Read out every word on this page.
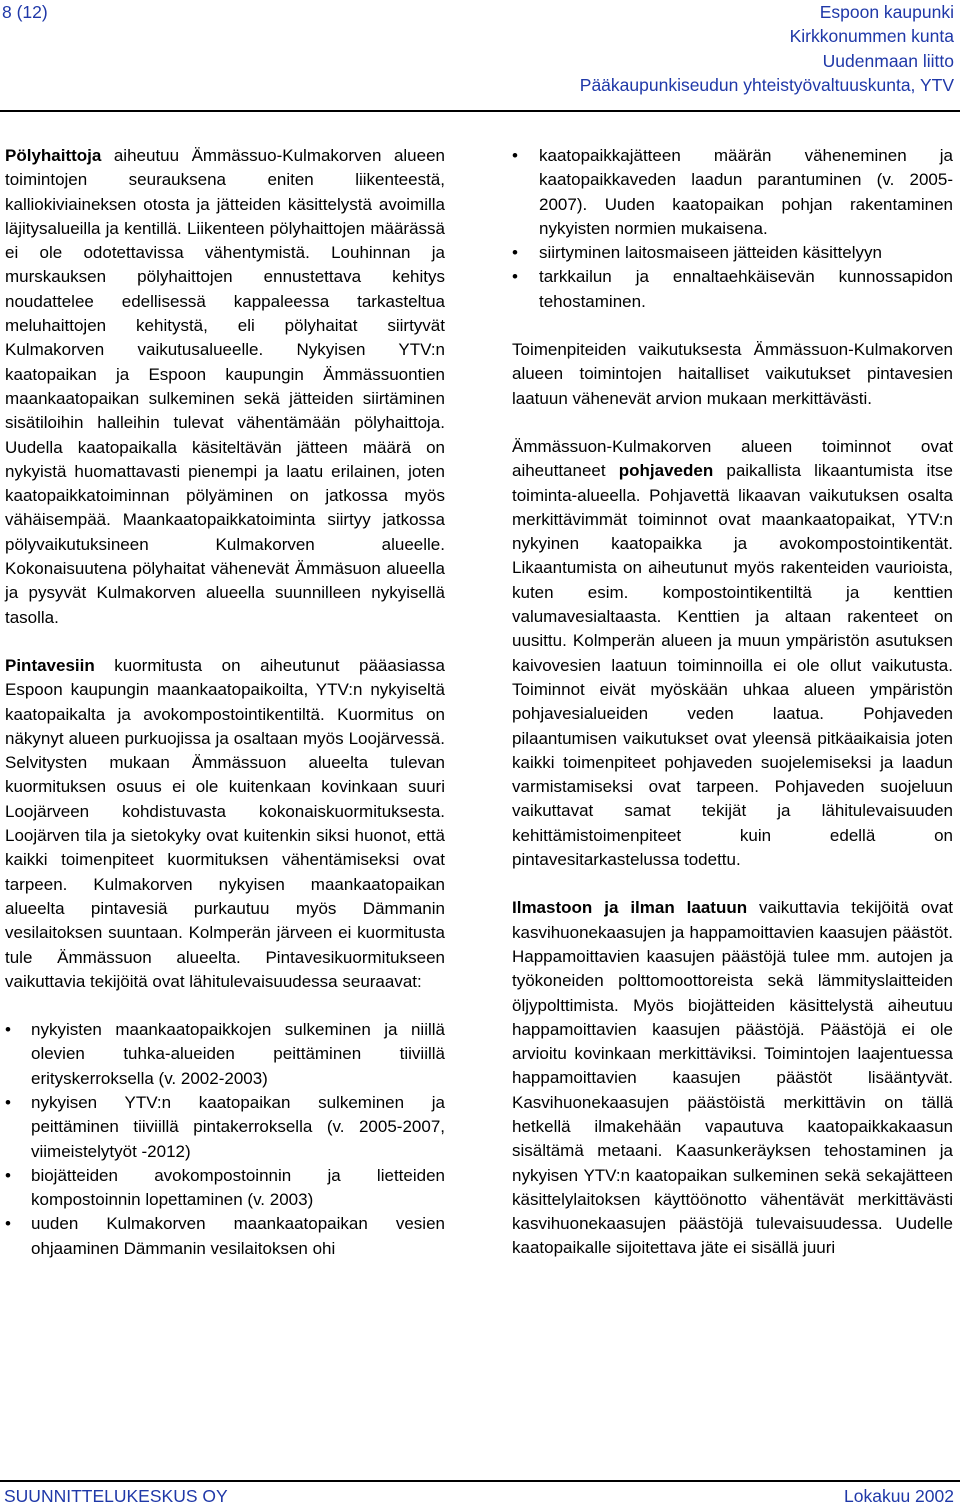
8 (12)	Espoon kaupunki
Kirkkonummen kunta
Uudenmaan liitto
Pääkaupunkiseudun yhteistyövaltuuskunta, YTV

Pölyhaittoja aiheutuu Ämmässuo-Kulmakorven alueen toimintojen seurauksena eniten liikenteestä, kalliokiviaineksen otosta ja jätteiden käsittelystä avoimilla läjitysalueilla ja kentillä. Liikenteen pölyhaittojen määrässä ei ole odotettavissa vähentymistä. Louhinnan ja murskauksen pölyhaittojen ennustettava kehitys noudattelee edellisessä kappaleessa tarkasteltua meluhaittojen kehitystä, eli pölyhaitat siirtyvät Kulmakorven vaikutusalueelle. Nykyisen YTV:n kaatopaikan ja Espoon kaupungin Ämmässuontien maankaatopaikan sulkeminen sekä jätteiden siirtäminen sisätiloihin halleihin tulevat vähentämään pölyhaittoja. Uudella kaatopaikalla käsiteltävän jätteen määrä on nykyistä huomattavasti pienempi ja laatu erilainen, joten kaatopaikkatoiminnan pölyäminen on jatkossa myös vähäisempää. Maankaatopaikkatoiminta siirtyy jatkossa pölyvaikutuksineen Kulmakorven alueelle. Kokonaisuutena pölyhaitat vähenevät Ämmäsuon alueella ja pysyvät Kulmakorven alueella suunnilleen nykyisellä tasolla.

Pintavesiin kuormitusta on aiheutunut pääasiassa Espoon kaupungin maankaatopaikoilta, YTV:n nykyiseltä kaatopaikalta ja avokompostointikentiltä. Kuormitus on näkynyt alueen purkuojissa ja osaltaan myös Loojärvessä. Selvitysten mukaan Ämmässuon alueelta tulevan kuormituksen osuus ei ole kuitenkaan kovinkaan suuri Loojärveen kohdistuvasta kokonaiskuormituksesta. Loojärven tila ja sietokyky ovat kuitenkin siksi huonot, että kaikki toimenpiteet kuormituksen vähentämiseksi ovat tarpeen. Kulmakorven nykyisen maankaatopaikan alueelta pintavesiä purkautuu myös Dämmanin vesilaitoksen suuntaan. Kolmperän järveen ei kuormitusta tule Ämmässuon alueelta. Pintavesikuormitukseen vaikuttavia tekijöitä ovat lähitulevaisuudessa seuraavat:

• nykyisten maankaatopaikkojen sulkeminen ja niillä olevien tuhka-alueiden peittäminen tiiviillä erityskerroksella (v. 2002-2003)
• nykyisen YTV:n kaatopaikan sulkeminen ja peittäminen tiiviillä pintakerroksella (v. 2005-2007, viimeistelytyöt -2012)
• biojätteiden avokompostoinnin ja lietteiden kompostoinnin lopettaminen (v. 2003)
• uuden Kulmakorven maankaatopaikan vesien ohjaaminen Dämmanin vesilaitoksen ohi
• kaatopaikkajätteen määrän väheneminen ja kaatopaikkaveden laadun parantuminen (v. 2005-2007). Uuden kaatopaikan pohjan rakentaminen nykyisten normien mukaisena.
• siirtyminen laitosmaiseen jätteiden käsittelyyn
• tarkkailun ja ennaltaehkäisevän kunnossapidon tehostaminen.

Toimenpiteiden vaikutuksesta Ämmässuon-Kulmakorven alueen toimintojen haitalliset vaikutukset pintavesien laatuun vähenevät arvion mukaan merkittävästi.

Ämmässuon-Kulmakorven alueen toiminnot ovat aiheuttaneet pohjaveden paikallista likaantumista itse toiminta-alueella. Pohjavettä likaavan vaikutuksen osalta merkittävimmät toiminnot ovat maankaatopaikat, YTV:n nykyinen kaatopaikka ja avokompostointikentät. Likaantumista on aiheutunut myös rakenteiden vaurioista, kuten esim. kompostointikentiltä ja kenttien valumavesialtaasta. Kenttien ja altaan rakenteet on uusittu. Kolmperän alueen ja muun ympäristön asutuksen kaivovesien laatuun toiminnoilla ei ole ollut vaikutusta. Toiminnot eivät myöskään uhkaa alueen ympäristön pohjavesialueiden veden laatua. Pohjaveden pilaantumisen vaikutukset ovat yleensä pitkäaikaisia joten kaikki toimenpiteet pohjaveden suojelemiseksi ja laadun varmistamiseksi ovat tarpeen. Pohjaveden suojeluun vaikuttavat samat tekijät ja lähitulevaisuuden kehittämistoimenpiteet kuin edellä on pintavesitarkastelussa todettu.

Ilmastoon ja ilman laatuun vaikuttavia tekijöitä ovat kasvihuonekaasujen ja happamoittavien kaasujen päästöt. Happamoittavien kaasujen päästöjä tulee mm. autojen ja työkoneiden polttomoottoreista sekä lämmityslaitteiden öljypolttimista. Myös biojätteiden käsittelystä aiheutuu happamoittavien kaasujen päästöjä. Päästöjä ei ole arvioitu kovinkaan merkittäviksi. Toimintojen laajentuessa happamoittavien kaasujen päästöt lisääntyvät. Kasvihuonekaasujen päästöistä merkittävin on tällä hetkellä ilmakehään vapautuva kaatopaikkakaasun sisältämä metaani. Kaasunkeräyksen tehostaminen ja nykyisen YTV:n kaatopaikan sulkeminen sekä sekajätteen käsittelylaitoksen käyttöönotto vähentävät merkittävästi kasvihuonekaasujen päästöjä tulevaisuudessa. Uudelle kaatopaikalle sijoitettava jäte ei sisällä juuri

SUUNNITTELUKESKUS OY	Lokakuu 2002
